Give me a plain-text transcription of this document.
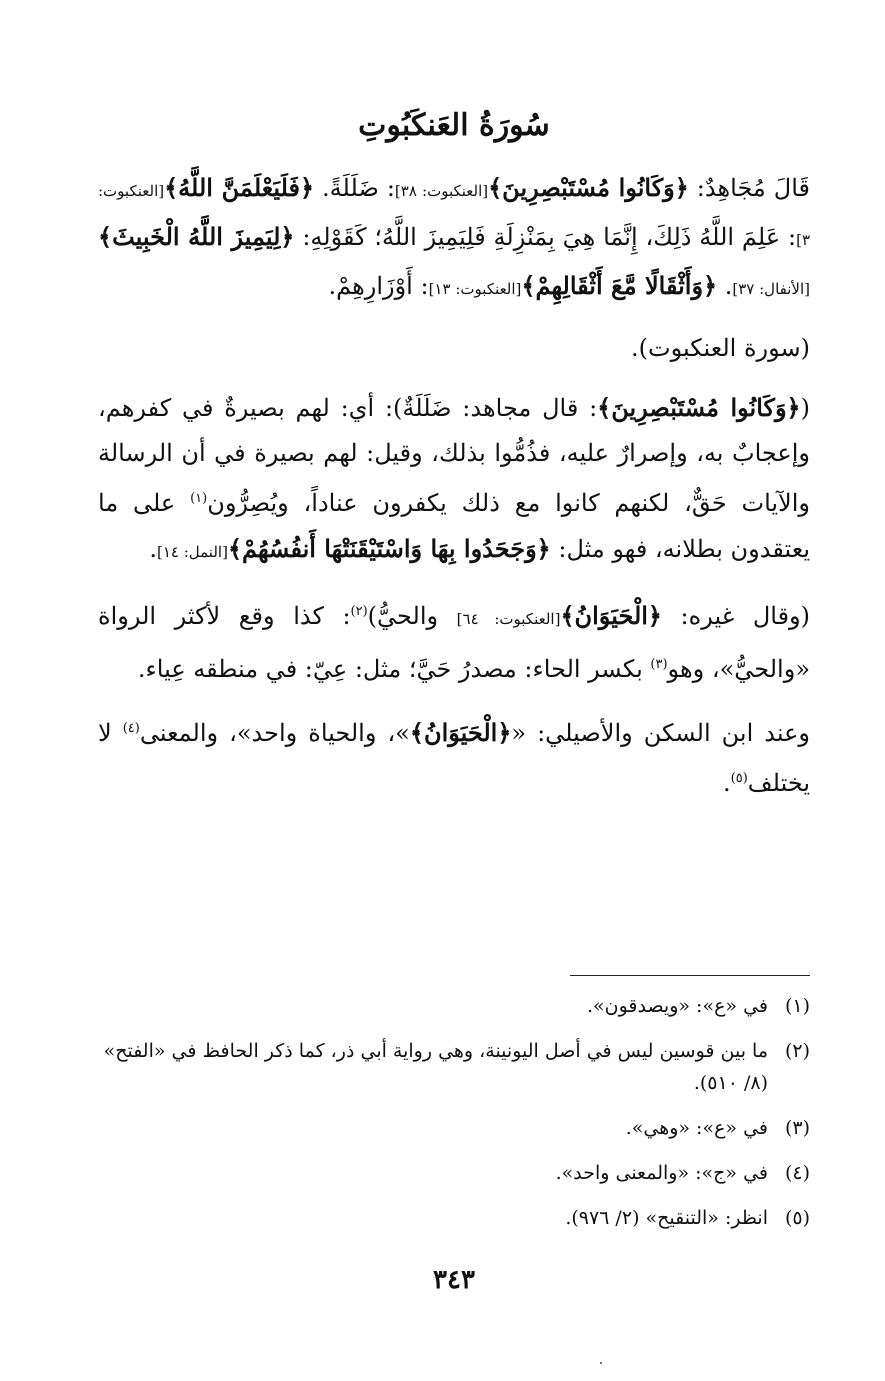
سُورَةُ العَنكَبُوتِ

قَالَ مُجَاهِدٌ: ﴿وَكَانُوا مُسْتَبْصِرِينَ﴾[العنكبوت: ٣٨]: ضَلَلَةً. ﴿فَلَيَعْلَمَنَّ اللَّهُ﴾[العنكبوت: ٣]: عَلِمَ اللَّهُ ذَلِكَ، إِنَّمَا هِيَ بِمَنْزِلَةِ فَلِيَمِيزَ اللَّهُ؛ كَقَوْلِهِ: ﴿لِيَمِيزَ اللَّهُ الْخَبِيثَ﴾[الأنفال: ٣٧]. ﴿وَأَثْقَالًا مَّعَ أَثْقَالِهِمْ﴾[العنكبوت: ١٣]: أَوْزَارِهِمْ.

(سورة العنكبوت).

(﴿وَكَانُوا مُسْتَبْصِرِينَ﴾: قال مجاهد: ضَلَلَةٌ): أي: لهم بصيرةٌ في كفرهم، وإعجابٌ به، وإصرارٌ عليه، فذُمُّوا بذلك، وقيل: لهم بصيرة في أن الرسالة والآيات حَقٌّ، لكنهم كانوا مع ذلك يكفرون عناداً، ويُصِرُّون$^{(١)}$ على ما يعتقدون بطلانه، فهو مثل: ﴿وَجَحَدُوا بِهَا وَاسْتَيْقَنَتْهَا أَنفُسُهُمْ﴾[النمل: ١٤].

(وقال غيره: ﴿الْحَيَوَانُ﴾[العنكبوت: ٦٤] والحيُّ)$^{(٢)}$: كذا وقع لأكثر الرواة «والحيُّ»، وهو$^{(٣)}$ بكسر الحاء: مصدرُ حَيَّ؛ مثل: عِيّ: في منطقه عِياء.

وعند ابن السكن والأصيلي: «﴿الْحَيَوَانُ﴾»، والحياة واحد»، والمعنى$^{(٤)}$ لا يختلف$^{(٥)}$.

(١)
في «ع»: «ويصدقون».
(٢)
ما بين قوسين ليس في أصل اليونينة، وهي رواية أبي ذر، كما ذكر الحافظ في «الفتح» (٨/ ٥١٠).
(٣)
في «ع»: «وهي».
(٤)
في «ج»: «والمعنى واحد».
(٥)
انظر: «التنقيح» (٢/ ٩٧٦).
٣٤٣
